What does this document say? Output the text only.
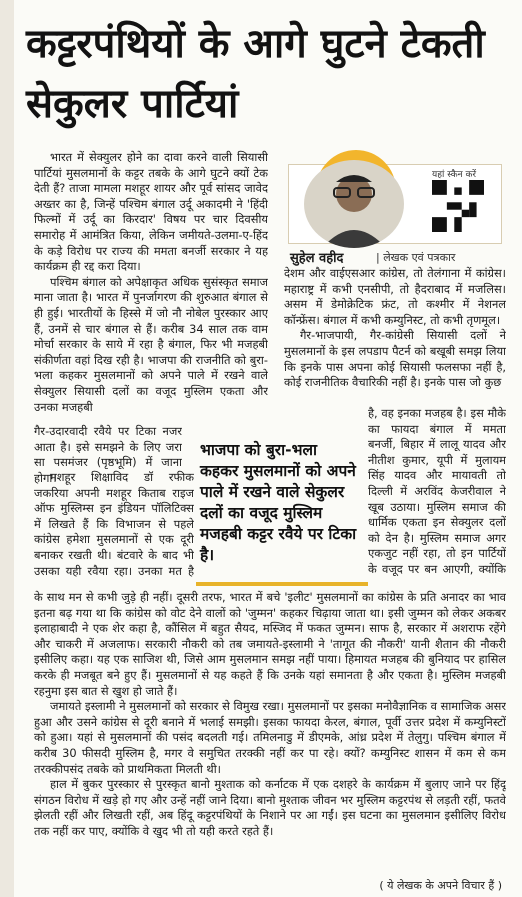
कट्टरपंथियों के आगे घुटने टेकती सेकुलर पार्टियां

भारत में सेक्युलर होने का दावा करने वाली सियासी पार्टियां मुसलमानों के कट्टर तबके के आगे घुटने क्यों टेक देती हैं? ताजा मामला मशहूर शायर और पूर्व सांसद जावेद अख्तर का है, जिन्हें पश्चिम बंगाल उर्दू अकादमी ने 'हिंदी फिल्मों में उर्दू का किरदार' विषय पर चार दिवसीय समारोह में आमंत्रित किया, लेकिन जमीयते-उलमा-ए-हिंद के कड़े विरोध पर राज्य की ममता बनर्जी सरकार ने यह कार्यक्रम ही रद्द करा दिया।

पश्चिम बंगाल को अपेक्षाकृत अधिक सुसंस्कृत समाज माना जाता है। भारत में पुनर्जागरण की शुरुआत बंगाल से ही हुई। भारतीयों के हिस्से में जो नौ नोबेल पुरस्कार आए हैं, उनमें से चार बंगाल से हैं। करीब 34 साल तक वाम मोर्चा सरकार के साये में रहा है बंगाल, फिर भी मजहबी संकीर्णता वहां दिख रही है। भाजपा की राजनीति को बुरा-भला कहकर मुसलमानों को अपने पाले में रखने वाले सेक्युलर सियासी दलों का वजूद मुस्लिम एकता और उनका मजहबी

गैर-उदारवादी रवैये पर टिका नजर आता है। इसे समझने के लिए जरा सा पसमंजर (पृष्ठभूमि) में जाना होगा।

मशहूर शिक्षाविद डॉ रफीक जकरिया अपनी मशहूर किताब राइज ऑफ मुस्लिम्स इन इंडियन पॉलिटिक्स में लिखते हैं कि विभाजन से पहले कांग्रेस हमेशा मुसलमानों से एक दूरी बनाकर रखती थी। बंटवारे के बाद भी उसका यही रवैया रहा। उनका मत है

यहां स्कैन करें
सुहेल वहीद	| लेखक एवं पत्रकार

देशम और वाईएसआर कांग्रेस, तो तेलंगाना में कांग्रेस। महाराष्ट्र में कभी एनसीपी, तो हैदराबाद में मजलिस। असम में डेमोक्रेटिक फ्रंट, तो कश्मीर में नेशनल कॉन्फ्रेंस। बंगाल में कभी कम्युनिस्ट, तो कभी तृणमूल।

गैर-भाजपायी, गैर-कांग्रेसी सियासी दलों ने मुसलमानों के इस लपडाप पैटर्न को बखूबी समझ लिया कि इनके पास अपना कोई सियासी फलसफा नहीं है, कोई राजनीतिक वैचारिकी नहीं है। इनके पास जो कुछ

भाजपा को बुरा-भला कहकर मुसलमानों को अपने पाले में रखने वाले सेकुलर दलों का वजूद मुस्लिम मजहबी कट्टर रवैये पर टिका है।

है, वह इनका मजहब है। इस मौके का फायदा बंगाल में ममता बनर्जी, बिहार में लालू यादव और नीतीश कुमार, यूपी में मुलायम सिंह यादव और मायावती तो दिल्ली में अरविंद केजरीवाल ने खूब उठाया। मुस्लिम समाज की धार्मिक एकता इन सेक्युलर दलों को देन है। मुस्लिम समाज अगर एकजुट नहीं रहा, तो इन पार्टियों के वजूद पर बन आएगी, क्योंकि

के साथ मन से कभी जुड़े ही नहीं। दूसरी तरफ, भारत में बचे 'इलीट' मुसलमानों का कांग्रेस के प्रति अनादर का भाव इतना बढ़ गया था कि कांग्रेस को वोट देने वालों को 'जुम्मन' कहकर चिढ़ाया जाता था। इसी जुम्मन को लेकर अकबर इलाहाबादी ने एक शेर कहा है, कौंसिल में बहुत सैयद, मस्जिद में फकत जुम्मन। साफ है, सरकार में अशराफ रहेंगे और चाकरी में अजलाफ। सरकारी नौकरी को तब जमायते-इस्लामी ने 'तागूत की नौकरी' यानी शैतान की नौकरी इसीलिए कहा। यह एक साजिश थी, जिसे आम मुसलमान समझ नहीं पाया। हिमायत मजहब की बुनियाद पर हासिल करके ही मजबूत बने हुए हैं। मुसलमानों से यह कहते हैं कि उनके यहां समानता है और एकता है। मुस्लिम मजहबी रहनुमा इस बात से खुश हो जाते हैं।

जमायते इस्लामी ने मुसलमानों को सरकार से विमुख रखा। मुसलमानों पर इसका मनोवैज्ञानिक व सामाजिक असर हुआ और उसने कांग्रेस से दूरी बनाने में भलाई समझी। इसका फायदा केरल, बंगाल, पूर्वी उत्तर प्रदेश में कम्युनिस्टों को हुआ। यहां से मुसलमानों की पसंद बदलती गई। तमिलनाडु में डीएमके, आंध्र प्रदेश में तेलुगु। पश्चिम बंगाल में करीब 30 फीसदी मुस्लिम है, मगर वे समुचित तरक्की नहीं कर पा रहे। क्यों? कम्युनिस्ट शासन में कम से कम तरक्कीपसंद तबके को प्राथमिकता मिलती थी।

हाल में बुकर पुरस्कार से पुरस्कृत बानो मुश्ताक को कर्नाटक में एक दशहरे के कार्यक्रम में बुलाए जाने पर हिंदू संगठन विरोध में खड़े हो गए और उन्हें नहीं जाने दिया। बानो मुश्ताक जीवन भर मुस्लिम कट्टरपंथ से लड़ती रहीं, फतवे झेलती रहीं और लिखती रहीं, अब हिंदू कट्टरपंथियों के निशाने पर आ गईं। इस घटना का मुसलमान इसीलिए विरोध तक नहीं कर पाए, क्योंकि वे खुद भी तो यही करते रहते हैं।

( ये लेखक के अपने विचार हैं )
